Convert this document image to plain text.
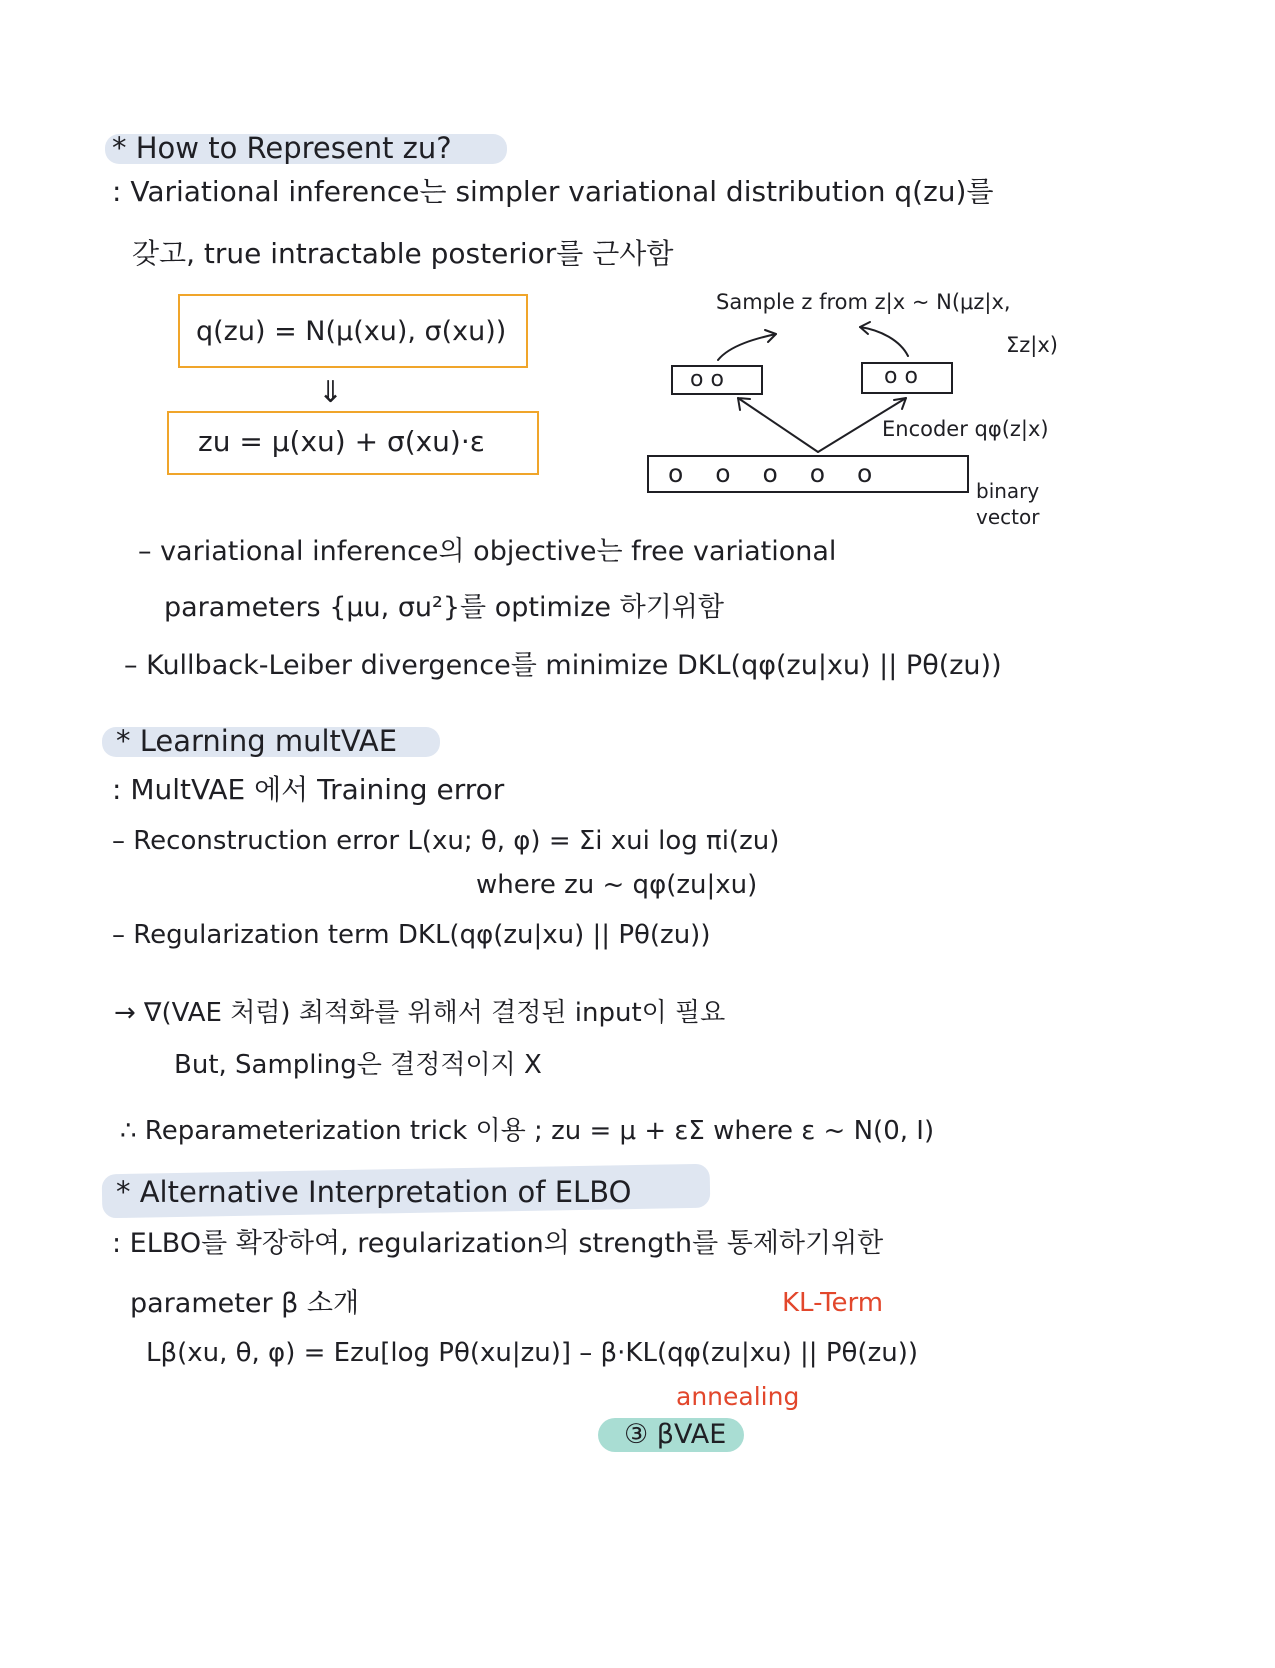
* How to Represent zu?
: Variational inference는 simpler variational distribution q(zu)를
갖고, true intractable posterior를 근사함
q(zu) = N(μ(xu), σ(xu))
⇓
zu = μ(xu) + σ(xu)·ε
Sample z from z|x ~ N(μz|x,
Σz|x)
o o	o o
Encoder qφ(z|x)
o o o o o
binary
vector
– variational inference의 objective는 free variational
parameters {μu, σu²}를 optimize 하기위함
– Kullback-Leiber divergence를 minimize DKL(qφ(zu|xu) || Pθ(zu))
* Learning multVAE
: MultVAE 에서 Training error
– Reconstruction error L(xu; θ, φ) = Σi xui log πi(zu)
where zu ~ qφ(zu|xu)
– Regularization term DKL(qφ(zu|xu) || Pθ(zu))
→ ∇(VAE 처럼) 최적화를 위해서 결정된 input이 필요
But, Sampling은 결정적이지 X
∴ Reparameterization trick 이용 ; zu = μ + εΣ where ε ~ N(0, I)
* Alternative Interpretation of ELBO
: ELBO를 확장하여, regularization의 strength를 통제하기위한
parameter β 소개	KL-Term
Lβ(xu, θ, φ) = Ezu[log Pθ(xu|zu)] – β·KL(qφ(zu|xu) || Pθ(zu))
annealing
③ βVAE
